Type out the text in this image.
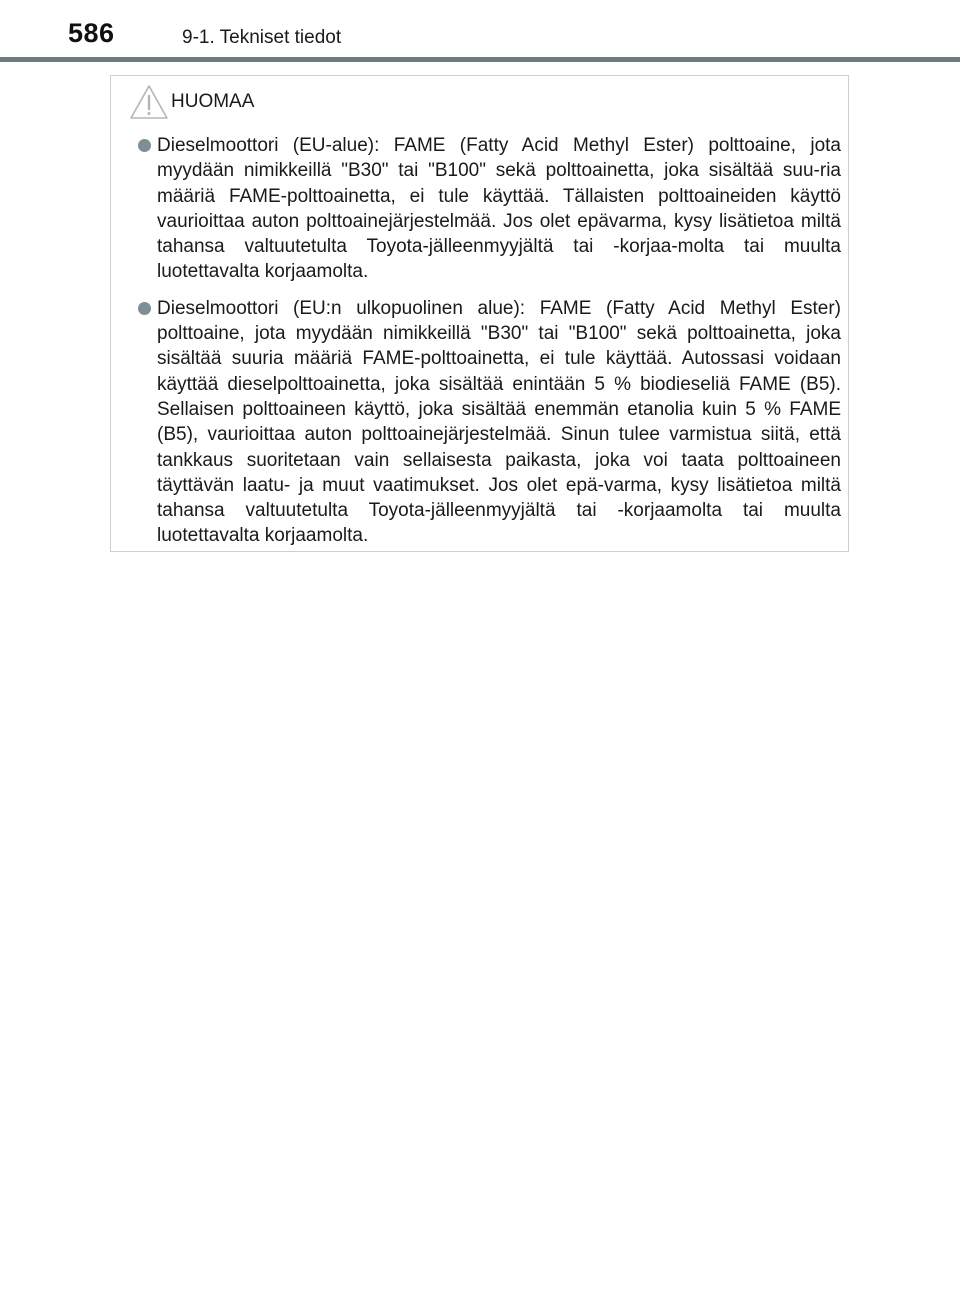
586	9-1. Tekniset tiedot
HUOMAA

Dieselmoottori (EU-alue): FAME (Fatty Acid Methyl Ester) polttoaine, jota myydään nimikkeillä "B30" tai "B100" sekä polttoainetta, joka sisältää suu-ria määriä FAME-polttoainetta, ei tule käyttää. Tällaisten polttoaineiden käyttö vaurioittaa auton polttoainejärjestelmää. Jos olet epävarma, kysy lisätietoa miltä tahansa valtuutetulta Toyota-jälleenmyyjältä tai -korjaa-molta tai muulta luotettavalta korjaamolta.

Dieselmoottori (EU:n ulkopuolinen alue): FAME (Fatty Acid Methyl Ester) polttoaine, jota myydään nimikkeillä "B30" tai "B100" sekä polttoainetta, joka sisältää suuria määriä FAME-polttoainetta, ei tule käyttää. Autossasi voidaan käyttää dieselpolttoainetta, joka sisältää enintään 5 % biodieseliä FAME (B5). Sellaisen polttoaineen käyttö, joka sisältää enemmän etanolia kuin 5 % FAME (B5), vaurioittaa auton polttoainejärjestelmää. Sinun tulee varmistua siitä, että tankkaus suoritetaan vain sellaisesta paikasta, joka voi taata polttoaineen täyttävän laatu- ja muut vaatimukset. Jos olet epä-varma, kysy lisätietoa miltä tahansa valtuutetulta Toyota-jälleenmyyjältä tai -korjaamolta tai muulta luotettavalta korjaamolta.
